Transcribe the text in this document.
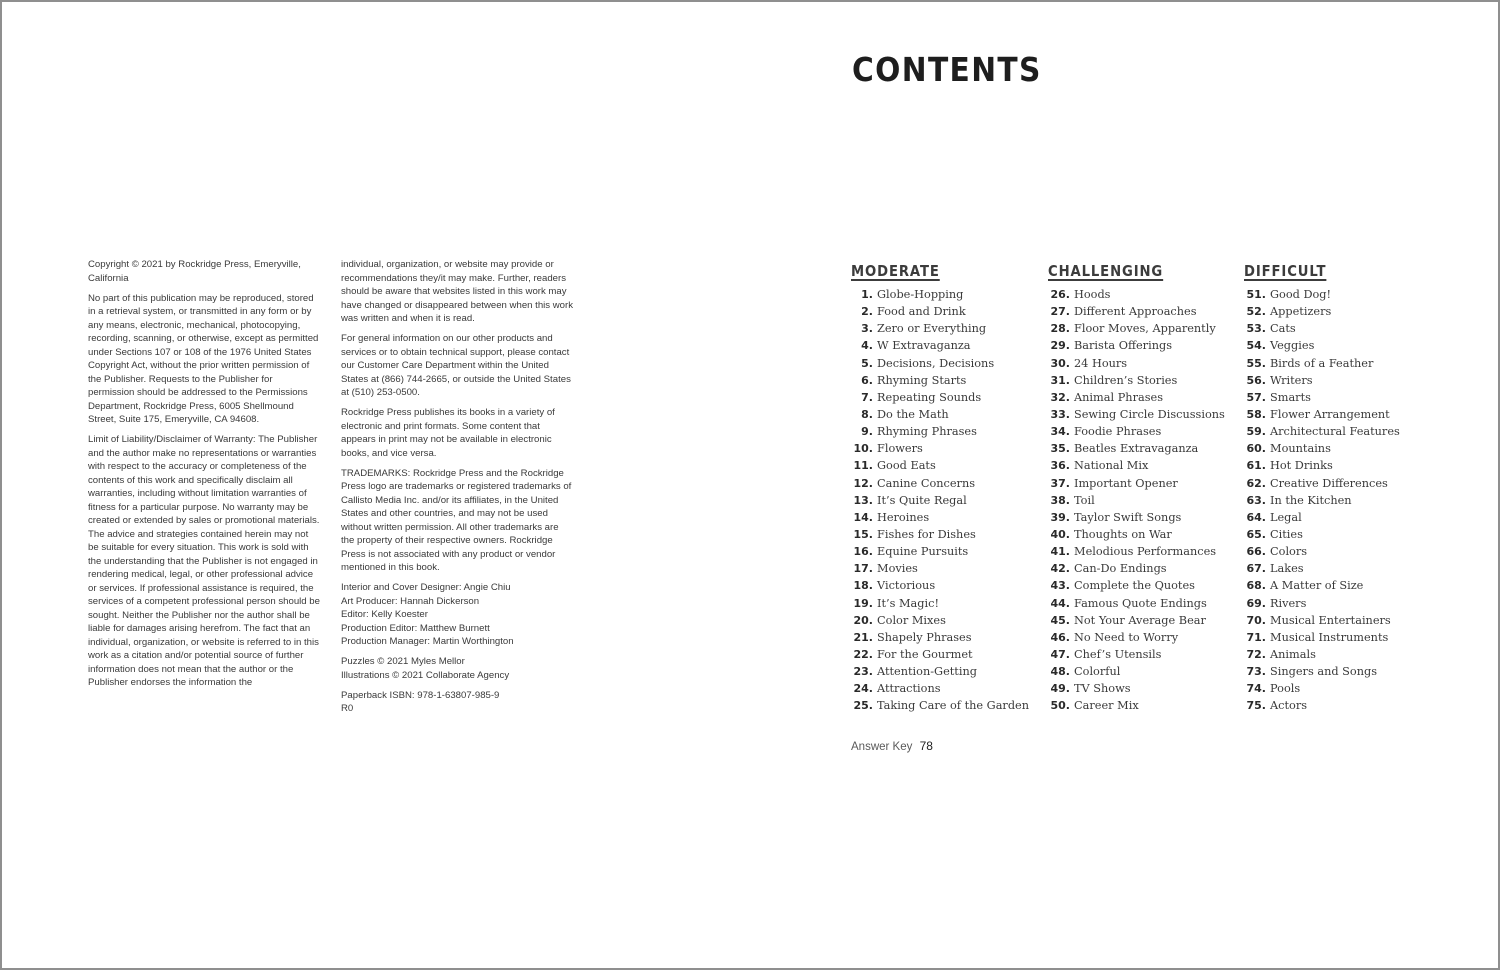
Copyright © 2021 by Rockridge Press, Emeryville, California

No part of this publication may be reproduced, stored in a retrieval system, or transmitted in any form or by any means, electronic, mechanical, photocopying, recording, scanning, or otherwise, except as permitted under Sections 107 or 108 of the 1976 United States Copyright Act, without the prior written permission of the Publisher. Requests to the Publisher for permission should be addressed to the Permissions Department, Rockridge Press, 6005 Shellmound Street, Suite 175, Emeryville, CA 94608.

Limit of Liability/Disclaimer of Warranty: The Publisher and the author make no representations or warranties with respect to the accuracy or completeness of the contents of this work and specifically disclaim all warranties, including without limitation warranties of fitness for a particular purpose. No warranty may be created or extended by sales or promotional materials. The advice and strategies contained herein may not be suitable for every situation. This work is sold with the understanding that the Publisher is not engaged in rendering medical, legal, or other professional advice or services. If professional assistance is required, the services of a competent professional person should be sought. Neither the Publisher nor the author shall be liable for damages arising herefrom. The fact that an individual, organization, or website is referred to in this work as a citation and/or potential source of further information does not mean that the author or the Publisher endorses the information the

individual, organization, or website may provide or recommendations they/it may make. Further, readers should be aware that websites listed in this work may have changed or disappeared between when this work was written and when it is read.

For general information on our other products and services or to obtain technical support, please contact our Customer Care Department within the United States at (866) 744-2665, or outside the United States at (510) 253-0500.

Rockridge Press publishes its books in a variety of electronic and print formats. Some content that appears in print may not be available in electronic books, and vice versa.

TRADEMARKS: Rockridge Press and the Rockridge Press logo are trademarks or registered trademarks of Callisto Media Inc. and/or its affiliates, in the United States and other countries, and may not be used without written permission. All other trademarks are the property of their respective owners. Rockridge Press is not associated with any product or vendor mentioned in this book.

Interior and Cover Designer: Angie Chiu
Art Producer: Hannah Dickerson
Editor: Kelly Koester
Production Editor: Matthew Burnett
Production Manager: Martin Worthington

Puzzles © 2021 Myles Mellor
Illustrations © 2021 Collaborate Agency

Paperback ISBN: 978-1-63807-985-9
R0

CONTENTS
MODERATE
1. Globe-Hopping
2. Food and Drink
3. Zero or Everything
4. W Extravaganza
5. Decisions, Decisions
6. Rhyming Starts
7. Repeating Sounds
8. Do the Math
9. Rhyming Phrases
10. Flowers
11. Good Eats
12. Canine Concerns
13. It’s Quite Regal
14. Heroines
15. Fishes for Dishes
16. Equine Pursuits
17. Movies
18. Victorious
19. It’s Magic!
20. Color Mixes
21. Shapely Phrases
22. For the Gourmet
23. Attention-Getting
24. Attractions
25. Taking Care of the Garden
CHALLENGING
26. Hoods
27. Different Approaches
28. Floor Moves, Apparently
29. Barista Offerings
30. 24 Hours
31. Children’s Stories
32. Animal Phrases
33. Sewing Circle Discussions
34. Foodie Phrases
35. Beatles Extravaganza
36. National Mix
37. Important Opener
38. Toil
39. Taylor Swift Songs
40. Thoughts on War
41. Melodious Performances
42. Can-Do Endings
43. Complete the Quotes
44. Famous Quote Endings
45. Not Your Average Bear
46. No Need to Worry
47. Chef’s Utensils
48. Colorful
49. TV Shows
50. Career Mix
DIFFICULT
51. Good Dog!
52. Appetizers
53. Cats
54. Veggies
55. Birds of a Feather
56. Writers
57. Smarts
58. Flower Arrangement
59. Architectural Features
60. Mountains
61. Hot Drinks
62. Creative Differences
63. In the Kitchen
64. Legal
65. Cities
66. Colors
67. Lakes
68. A Matter of Size
69. Rivers
70. Musical Entertainers
71. Musical Instruments
72. Animals
73. Singers and Songs
74. Pools
75. Actors
Answer Key 78
